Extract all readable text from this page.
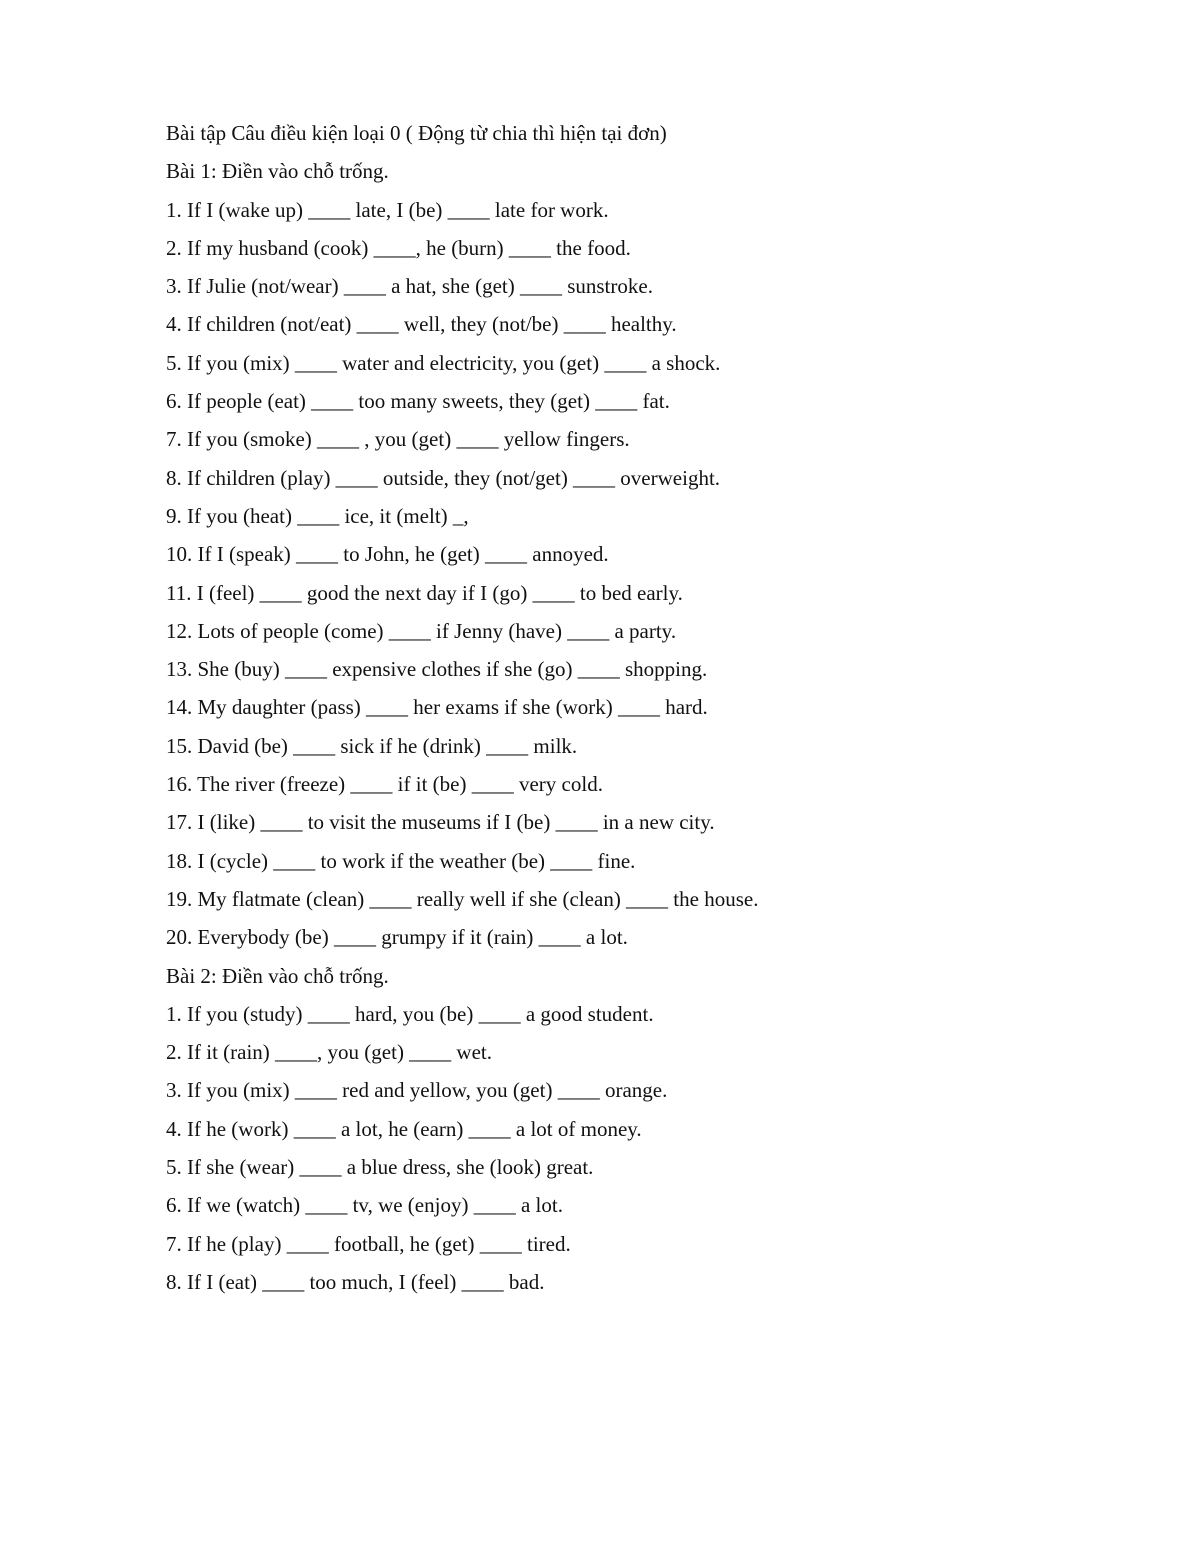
Bài tập Câu điều kiện loại 0 ( Động từ chia thì hiện tại đơn)

Bài 1: Điền vào chỗ trống.

1. If I (wake up) ____ late, I (be) ____ late for work.

2. If my husband (cook) ____, he (burn) ____ the food.

3. If Julie (not/wear) ____ a hat, she (get) ____ sunstroke.

4. If children (not/eat) ____ well, they (not/be) ____ healthy.

5. If you (mix) ____ water and electricity, you (get) ____ a shock.

6. If people (eat) ____ too many sweets, they (get) ____ fat.

7. If you (smoke) ____ , you (get) ____ yellow fingers.

8. If children (play) ____ outside, they (not/get) ____ overweight.

9. If you (heat) ____ ice, it (melt) _,

10. If I (speak) ____ to John, he (get) ____ annoyed.

11. I (feel) ____ good the next day if I (go) ____ to bed early.

12. Lots of people (come) ____ if Jenny (have) ____ a party.

13. She (buy) ____ expensive clothes if she (go) ____ shopping.

14. My daughter (pass) ____ her exams if she (work) ____ hard.

15. David (be) ____ sick if he (drink) ____ milk.

16. The river (freeze) ____ if it (be) ____ very cold.

17. I (like) ____ to visit the museums if I (be) ____ in a new city.

18. I (cycle) ____ to work if the weather (be) ____ fine.

19. My flatmate (clean) ____ really well if she (clean) ____ the house.

20. Everybody (be) ____ grumpy if it (rain) ____ a lot.

Bài 2: Điền vào chỗ trống.

1. If you (study) ____ hard, you (be) ____ a good student.

2. If it (rain) ____, you (get) ____ wet.

3. If you (mix) ____ red and yellow, you (get) ____ orange.

4. If he (work) ____ a lot, he (earn) ____ a lot of money.

5. If she (wear) ____ a blue dress, she (look) great.

6. If we (watch) ____ tv, we (enjoy) ____ a lot.

7. If he (play) ____ football, he (get) ____ tired.

8. If I (eat) ____ too much, I (feel) ____ bad.
